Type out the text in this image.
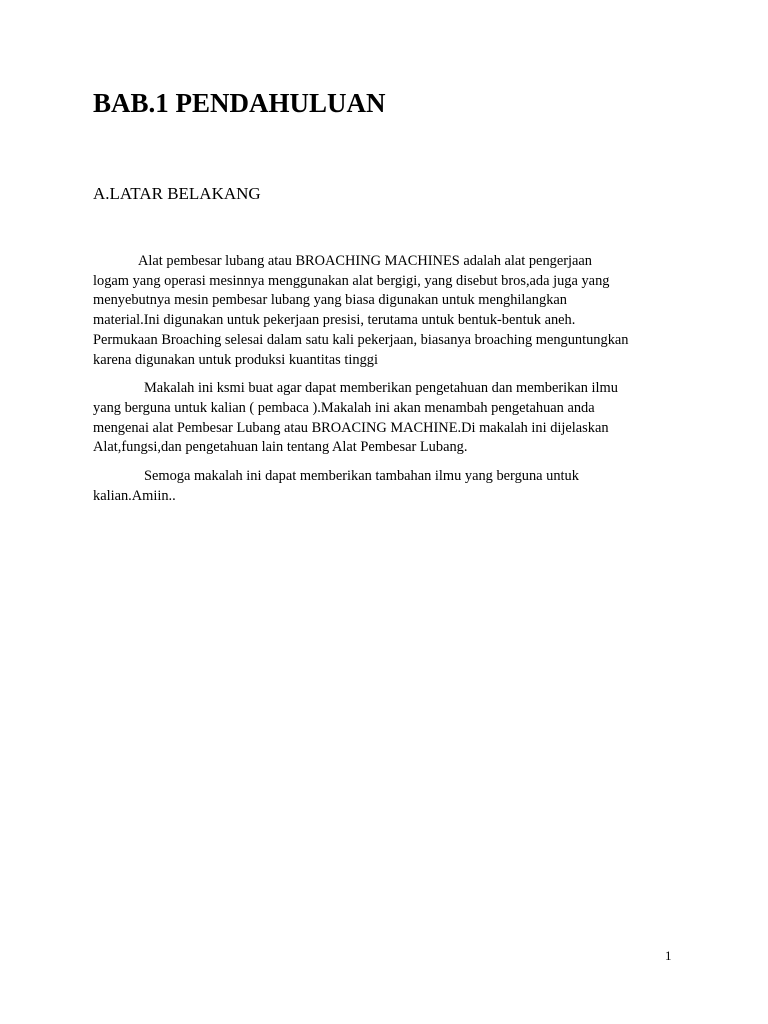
BAB.1 PENDAHULUAN
A.LATAR BELAKANG

Alat pembesar lubang atau BROACHING MACHINES adalah alat pengerjaan
logam yang operasi mesinnya menggunakan alat bergigi, yang disebut bros,ada juga yang
menyebutnya mesin pembesar lubang yang biasa digunakan untuk menghilangkan
material.Ini digunakan untuk pekerjaan presisi, terutama untuk bentuk-bentuk aneh.
Permukaan Broaching selesai dalam satu kali pekerjaan, biasanya broaching menguntungkan
karena digunakan untuk produksi kuantitas tinggi

Makalah ini ksmi buat agar dapat memberikan pengetahuan dan memberikan ilmu
yang berguna untuk kalian ( pembaca ).Makalah ini akan menambah pengetahuan anda
mengenai alat Pembesar Lubang atau BROACING MACHINE.Di makalah ini dijelaskan
Alat,fungsi,dan pengetahuan lain tentang Alat Pembesar Lubang.

Semoga makalah ini dapat memberikan tambahan ilmu yang berguna untuk
kalian.Amiin..

1
